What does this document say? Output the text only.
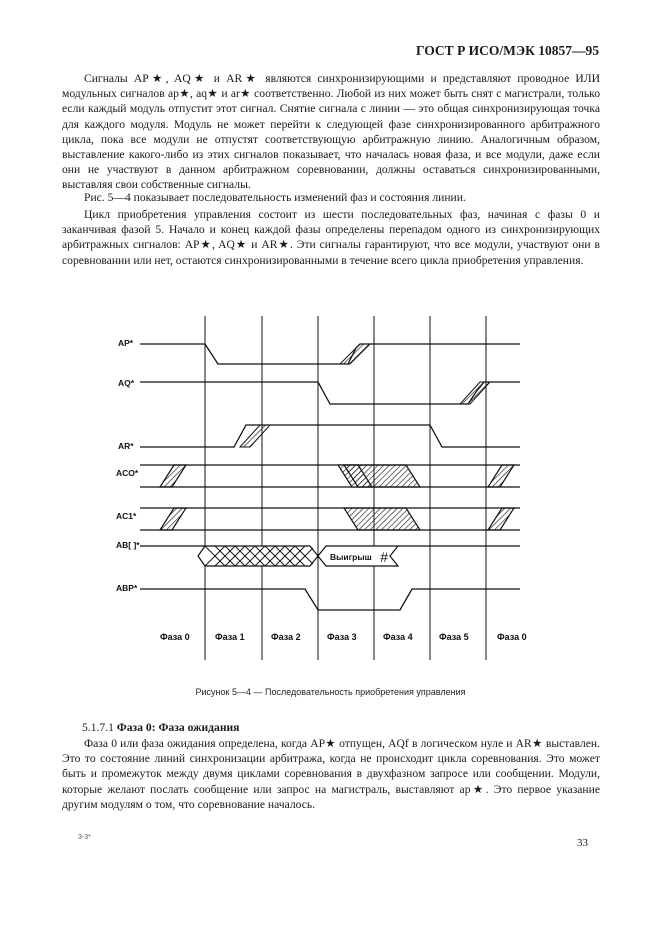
ГОСТ Р ИСО/МЭК 10857—95

Сигналы AP★, AQ★ и AR★ являются синхронизирующими и представляют проводное ИЛИ модульных сигналов ap★, aq★ и ar★ соответственно. Любой из них может быть снят с магистрали, только если каждый модуль отпустит этот сигнал. Снятие сигнала с линии — это общая синхронизирующая точка для каждого модуля. Модуль не может перейти к следующей фазе синхронизированного арбитражного цикла, пока все модули не отпустят соответствующую арбитражную линию. Аналогичным образом, выставление какого-либо из этих сигналов показывает, что началась новая фаза, и все модули, даже если они не участвуют в данном арбитражном соревновании, должны оставаться синхронизированными, выставляя свои собственные сигналы.

Рис. 5—4 показывает последовательность изменений фаз и состояния линии.

Цикл приобретения управления состоит из шести последовательных фаз, начиная с фазы 0 и заканчивая фазой 5. Начало и конец каждой фазы определены перепадом одного из синхронизирующих арбитражных сигналов: AP★, AQ★ и AR★. Эти сигналы гарантируют, что все модули, участвуют они в соревновании или нет, остаются синхронизированными в течение всего цикла приобретения управления.

AP*
AQ*
AR*
ACO*
AC1*
AB[ ]*
ABP*
Выигрыш #
Фаза 0	Фаза 1	Фаза 2	Фаза 3	Фаза 4	Фаза 5	Фаза 0
Рисунок 5—4 — Последовательность приобретения управления
5.1.7.1 Фаза 0: Фаза ожидания

Фаза 0 или фаза ожидания определена, когда AP★ отпущен, AQf в логическом нуле и AR★ выставлен. Это то состояние линий синхронизации арбитража, когда не происходит цикла соревнования. Это может быть и промежуток между двумя циклами соревнования в двухфазном запросе или сообщении. Модули, которые желают послать сообщение или запрос на магистраль, выставляют ap★. Это первое указание другим модулям о том, что соревнование началось.

3-3*	33
